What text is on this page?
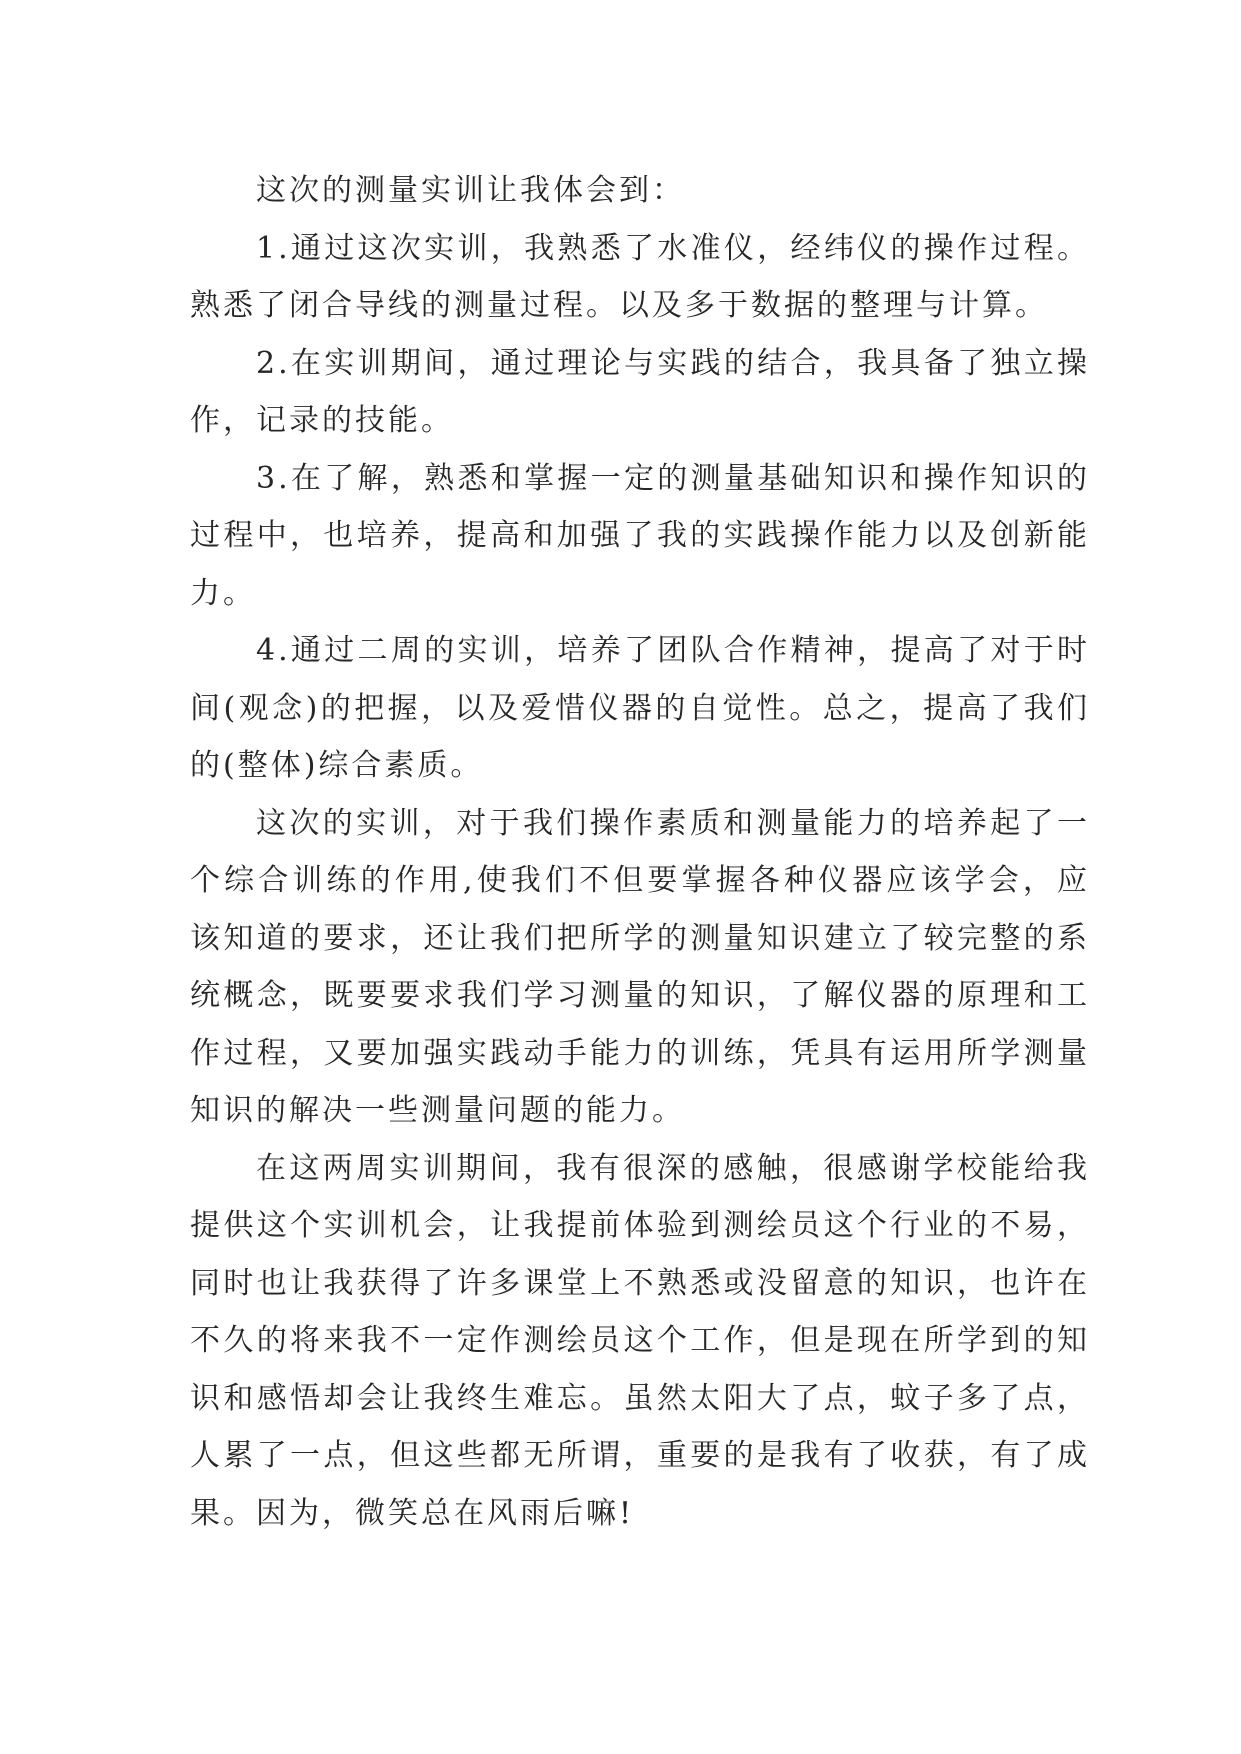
这次的测量实训让我体会到：

1.通过这次实训，我熟悉了水准仪，经纬仪的操作过程。熟悉了闭合导线的测量过程。以及多于数据的整理与计算。

2.在实训期间，通过理论与实践的结合，我具备了独立操作，记录的技能。

3.在了解，熟悉和掌握一定的测量基础知识和操作知识的过程中，也培养，提高和加强了我的实践操作能力以及创新能力。

4.通过二周的实训，培养了团队合作精神，提高了对于时间(观念)的把握，以及爱惜仪器的自觉性。总之，提高了我们的(整体)综合素质。

这次的实训，对于我们操作素质和测量能力的培养起了一个综合训练的作用,使我们不但要掌握各种仪器应该学会，应该知道的要求，还让我们把所学的测量知识建立了较完整的系统概念，既要要求我们学习测量的知识，了解仪器的原理和工作过程，又要加强实践动手能力的训练，凭具有运用所学测量知识的解决一些测量问题的能力。

在这两周实训期间，我有很深的感触，很感谢学校能给我提供这个实训机会，让我提前体验到测绘员这个行业的不易，同时也让我获得了许多课堂上不熟悉或没留意的知识，也许在不久的将来我不一定作测绘员这个工作，但是现在所学到的知识和感悟却会让我终生难忘。虽然太阳大了点，蚊子多了点，人累了一点，但这些都无所谓，重要的是我有了收获，有了成果。因为，微笑总在风雨后嘛!
